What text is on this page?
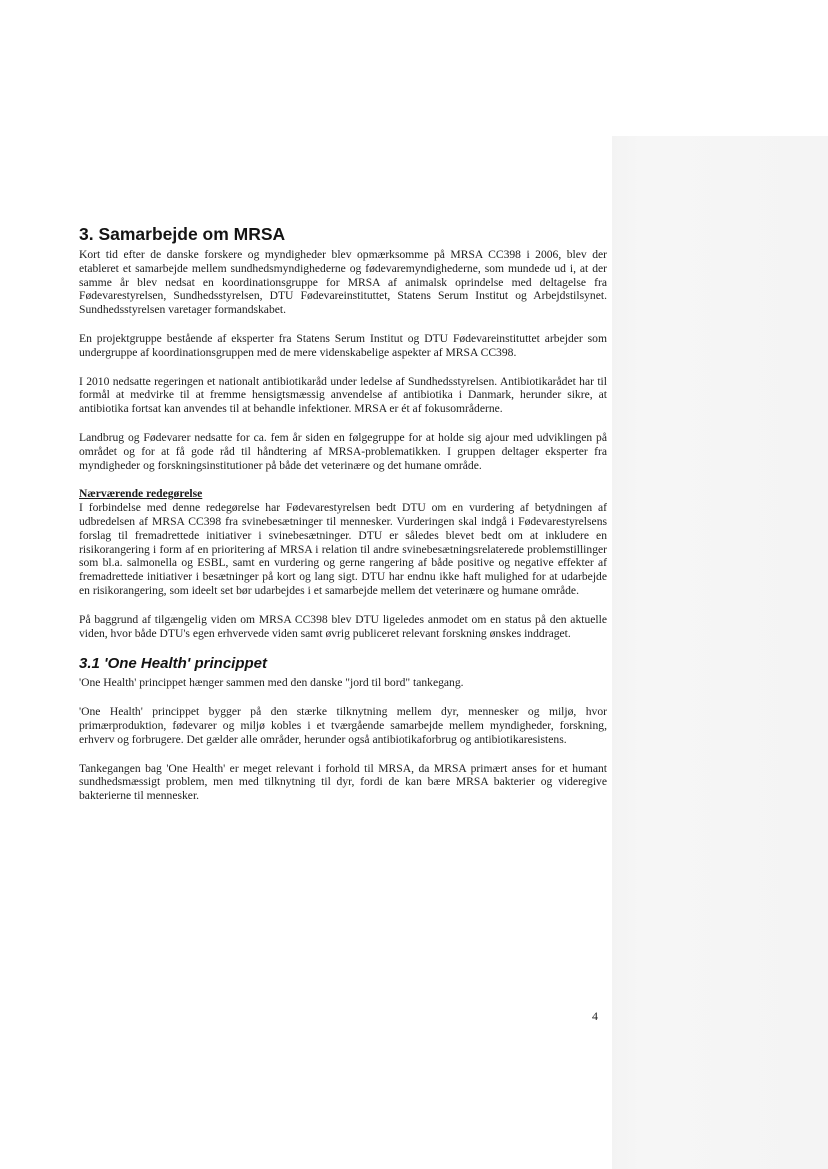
3. Samarbejde om MRSA

Kort tid efter de danske forskere og myndigheder blev opmærksomme på MRSA CC398 i 2006, blev der etableret et samarbejde mellem sundhedsmyndighederne og fødevaremyndighederne, som mundede ud i, at der samme år blev nedsat en koordinationsgruppe for MRSA af animalsk oprindelse med deltagelse fra Fødevarestyrelsen, Sundhedsstyrelsen, DTU Fødevareinstituttet, Statens Serum Institut og Arbejdstilsynet. Sundhedsstyrelsen varetager formandskabet.

En projektgruppe bestående af eksperter fra Statens Serum Institut og DTU Fødevareinstituttet arbejder som undergruppe af koordinationsgruppen med de mere videnskabelige aspekter af MRSA CC398.

I 2010 nedsatte regeringen et nationalt antibiotikaråd under ledelse af Sundhedsstyrelsen. Antibiotikarådet har til formål at medvirke til at fremme hensigtsmæssig anvendelse af antibiotika i Danmark, herunder sikre, at antibiotika fortsat kan anvendes til at behandle infektioner. MRSA er ét af fokusområderne.

Landbrug og Fødevarer nedsatte for ca. fem år siden en følgegruppe for at holde sig ajour med udviklingen på området og for at få gode råd til håndtering af MRSA-problematikken. I gruppen deltager eksperter fra myndigheder og forskningsinstitutioner på både det veterinære og det humane område.

Nærværende redegørelse

I forbindelse med denne redegørelse har Fødevarestyrelsen bedt DTU om en vurdering af betydningen af udbredelsen af MRSA CC398 fra svinebesætninger til mennesker. Vurderingen skal indgå i Fødevarestyrelsens forslag til fremadrettede initiativer i svinebesætninger. DTU er således blevet bedt om at inkludere en risikorangering i form af en prioritering af MRSA i relation til andre svinebesætningsrelaterede problemstillinger som bl.a. salmonella og ESBL, samt en vurdering og gerne rangering af både positive og negative effekter af fremadrettede initiativer i besætninger på kort og lang sigt. DTU har endnu ikke haft mulighed for at udarbejde en risikorangering, som ideelt set bør udarbejdes i et samarbejde mellem det veterinære og humane område.

På baggrund af tilgængelig viden om MRSA CC398 blev DTU ligeledes anmodet om en status på den aktuelle viden, hvor både DTU's egen erhvervede viden samt øvrig publiceret relevant forskning ønskes inddraget.

3.1 'One Health' princippet

'One Health' princippet hænger sammen med den danske "jord til bord" tankegang.

'One Health' princippet bygger på den stærke tilknytning mellem dyr, mennesker og miljø, hvor primærproduktion, fødevarer og miljø kobles i et tværgående samarbejde mellem myndigheder, forskning, erhverv og forbrugere. Det gælder alle områder, herunder også antibiotikaforbrug og antibiotikaresistens.

Tankegangen bag 'One Health' er meget relevant i forhold til MRSA, da MRSA primært anses for et humant sundhedsmæssigt problem, men med tilknytning til dyr, fordi de kan bære MRSA bakterier og videregive bakterierne til mennesker.

4
